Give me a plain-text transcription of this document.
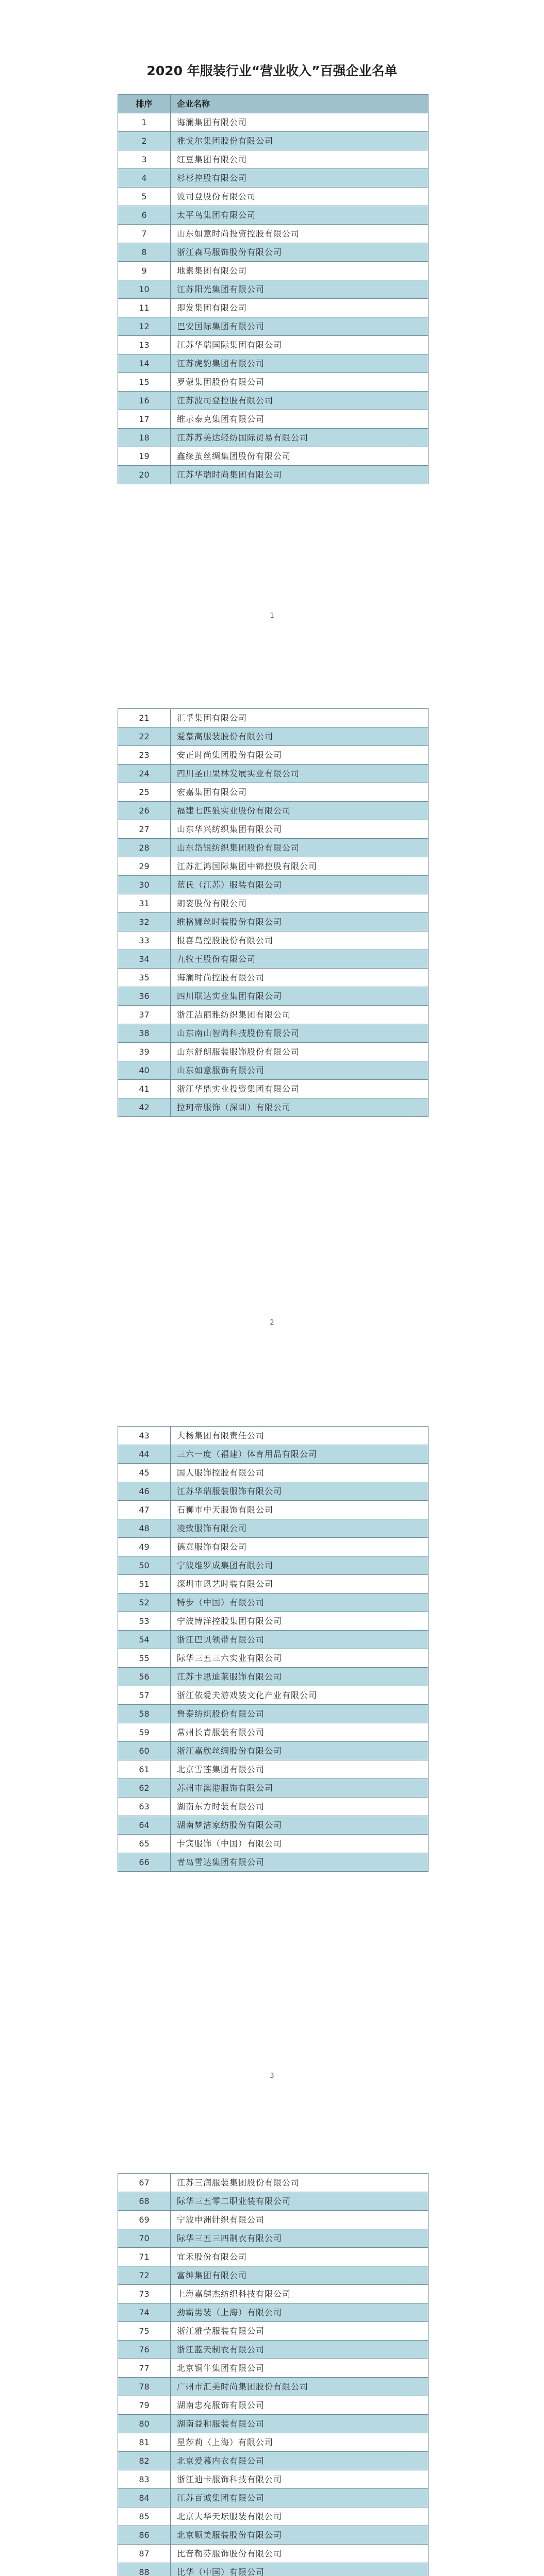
2020 年服装行业“营业收入”百强企业名单
1
2
3
排序	企业名称
1	海澜集团有限公司
2	雅戈尔集团股份有限公司
3	红豆集团有限公司
4	杉杉控股有限公司
5	波司登股份有限公司
6	太平鸟集团有限公司
7	山东如意时尚投资控股有限公司
8	浙江森马服饰股份有限公司
9	地素集团有限公司
10	江苏阳光集团有限公司
11	即发集团有限公司
12	巴安国际集团有限公司
13	江苏华瑞国际集团有限公司
14	江苏虎豹集团有限公司
15	罗蒙集团股份有限公司
16	江苏波司登控股有限公司
17	维示泰克集团有限公司
18	江苏苏美达轻纺国际贸易有限公司
19	鑫缘茧丝绸集团股份有限公司
20	江苏华瑞时尚集团有限公司
21	汇孚集团有限公司
22	爱慕高服装股份有限公司
23	安正时尚集团股份有限公司
24	四川圣山果林发展实业有限公司
25	宏嘉集团有限公司
26	福建七匹狼实业股份有限公司
27	山东华兴纺织集团有限公司
28	山东岱银纺织集团股份有限公司
29	江苏汇鸿国际集团中锦控股有限公司
30	蓝氏（江苏）服装有限公司
31	朗姿股份有限公司
32	维格娜丝时装股份有限公司
33	报喜鸟控股股份有限公司
34	九牧王股份有限公司
35	海澜时尚控股有限公司
36	四川联达实业集团有限公司
37	浙江洁丽雅纺织集团有限公司
38	山东南山智尚科技股份有限公司
39	山东舒朗服装服饰股份有限公司
40	山东如意服饰有限公司
41	浙江华鼎实业投资集团有限公司
42	拉珂帝服饰（深圳）有限公司
43	大杨集团有限责任公司
44	三六一度（福建）体育用品有限公司
45	国人服饰控股有限公司
46	江苏华瑞服装服饰有限公司
47	石狮市中天服饰有限公司
48	凌致服饰有限公司
49	德意服饰有限公司
50	宁波维罗成集团有限公司
51	深圳市恩艺时装有限公司
52	特步（中国）有限公司
53	宁波博洋控股集团有限公司
54	浙江巴贝领带有限公司
55	际华三五三六实业有限公司
56	江苏卡思迪莱服饰有限公司
57	浙江依爱夫游戏装文化产业有限公司
58	鲁泰纺织股份有限公司
59	常州长青服装有限公司
60	浙江嘉欣丝绸股份有限公司
61	北京雪莲集团有限公司
62	苏州市澳港服饰有限公司
63	湖南东方时装有限公司
64	湖南梦洁家纺股份有限公司
65	卡宾服饰（中国）有限公司
66	青岛雪达集团有限公司
67	江苏三润服装集团股份有限公司
68	际华三五零二职业装有限公司
69	宁波申洲针织有限公司
70	际华三五三四制衣有限公司
71	宜禾股份有限公司
72	富绅集团有限公司
73	上海嘉麟杰纺织科技有限公司
74	劲霸男装（上海）有限公司
75	浙江雅莹服装有限公司
76	浙江蓝天制衣有限公司
77	北京铜牛集团有限公司
78	广州市汇美时尚集团股份有限公司
79	湖南忠亮服饰有限公司
80	湖南益和服装有限公司
81	星莎莉（上海）有限公司
82	北京爱慕内衣有限公司
83	浙江迪卡服饰科技有限公司
84	江苏百诚集团有限公司
85	北京大华天坛服装有限公司
86	北京顺美服装股份有限公司
87	比音勒芬服饰股份有限公司
88	比华（中国）有限公司
